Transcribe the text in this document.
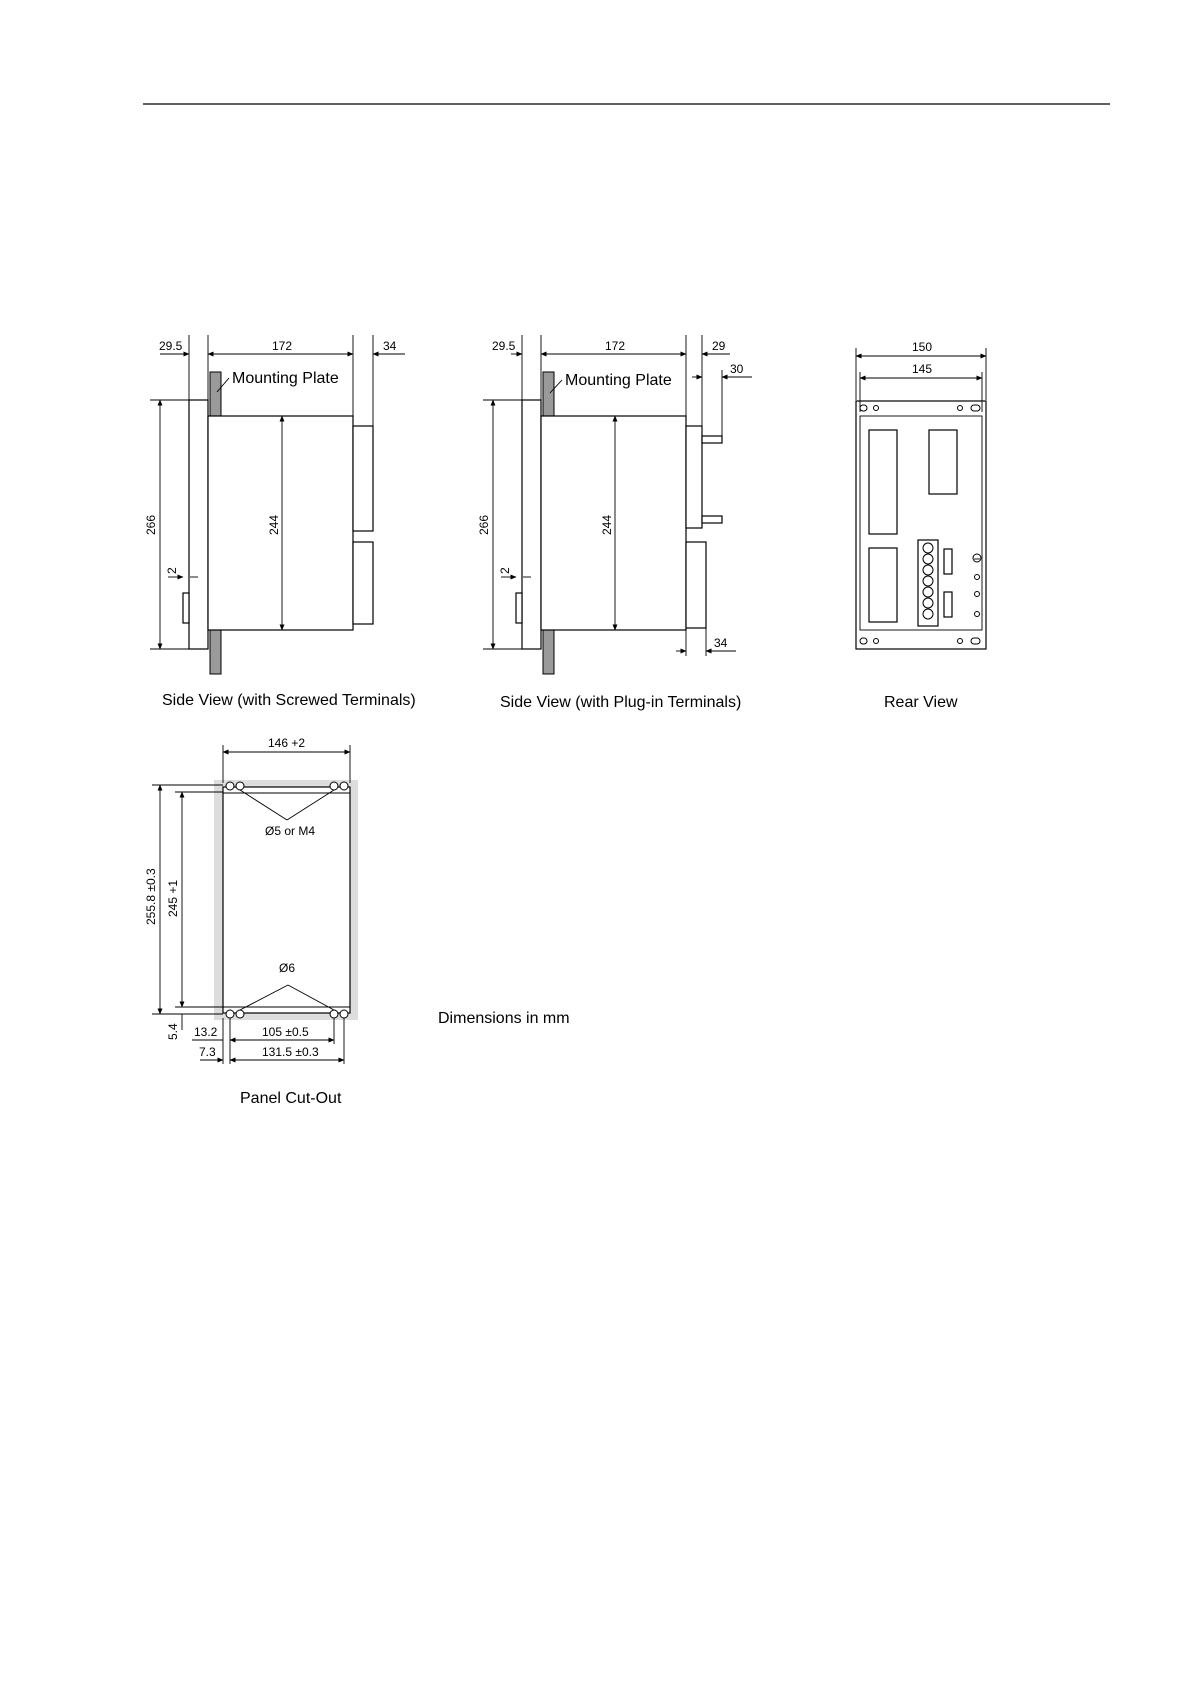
29.5	172	34
Mounting Plate
266	244
2
Side View (with Screwed Terminals)
29.5	172	29
30
Mounting Plate
266	244
2
34
Side View (with Plug-in Terminals)
150
145
Rear View
Ø5 or M4
Ø6
146 +2
255.8 ±0.3 245 +1
5.4 13.2	105 ±0.5
7.3	131.5 ±0.3
Panel Cut-Out
Dimensions in mm
